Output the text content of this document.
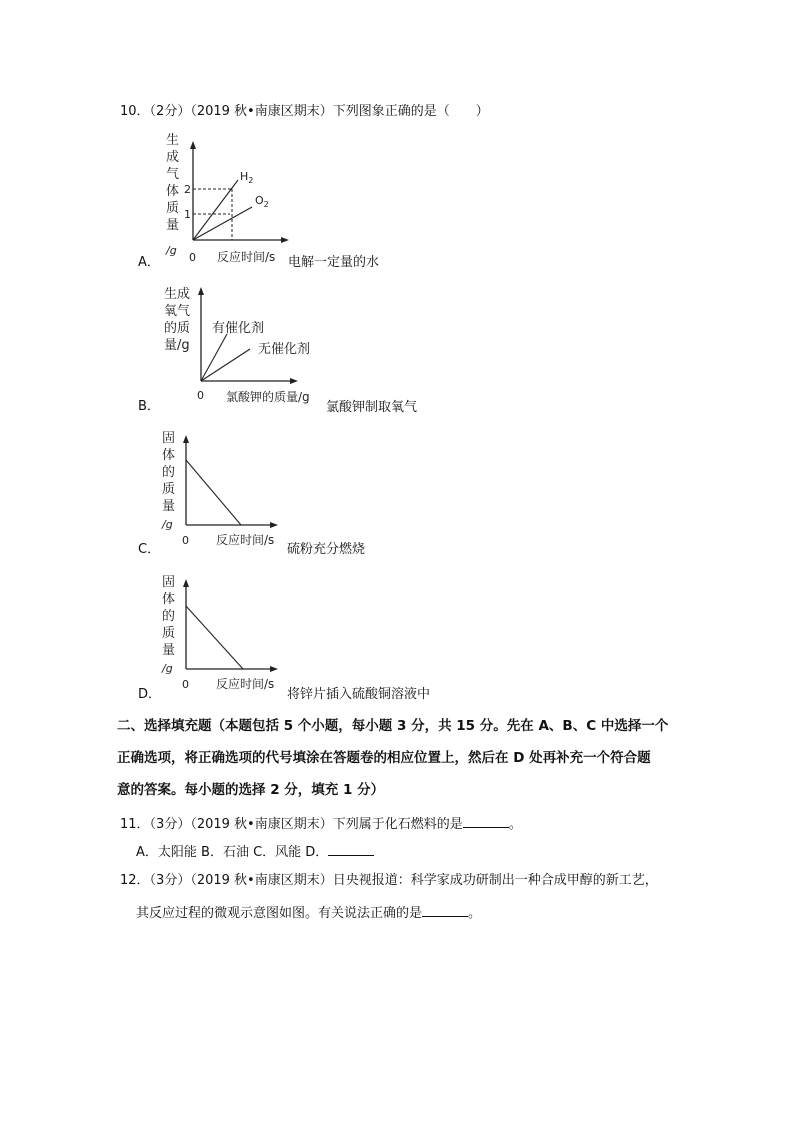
10．（2分）（2019 秋•南康区期末）下列图象正确的是（　　）
A．
生
成
气
体
质
量
/g
2
1
$H_2$
$O_2$
0 反应时间/s 电解一定量的水
B．
生成
氧气
的质
量/g
有催化剂
无催化剂
0 氯酸钾的质量/g
氯酸钾制取氧气
C．
固
体
的
质
量
/g
0 反应时间/s
硫粉充分燃烧
D．
固
体
的
质
量
/g
0 反应时间/s
将锌片插入硫酸铜溶液中
二、选择填充题（本题包括 5 个小题，每小题 3 分，共 15 分。先在 A、B、C 中选择一个
正确选项，将正确选项的代号填涂在答题卷的相应位置上，然后在 D 处再补充一个符合题
意的答案。每小题的选择 2 分，填充 1 分）
11．（3分）（2019 秋•南康区期末）下列属于化石燃料的是	。
A．太阳能 B．石油 C．风能 D．
12．（3分）（2019 秋•南康区期末）日央视报道：科学家成功研制出一种合成甲醇的新工艺，
其反应过程的微观示意图如图。有关说法正确的是	。
